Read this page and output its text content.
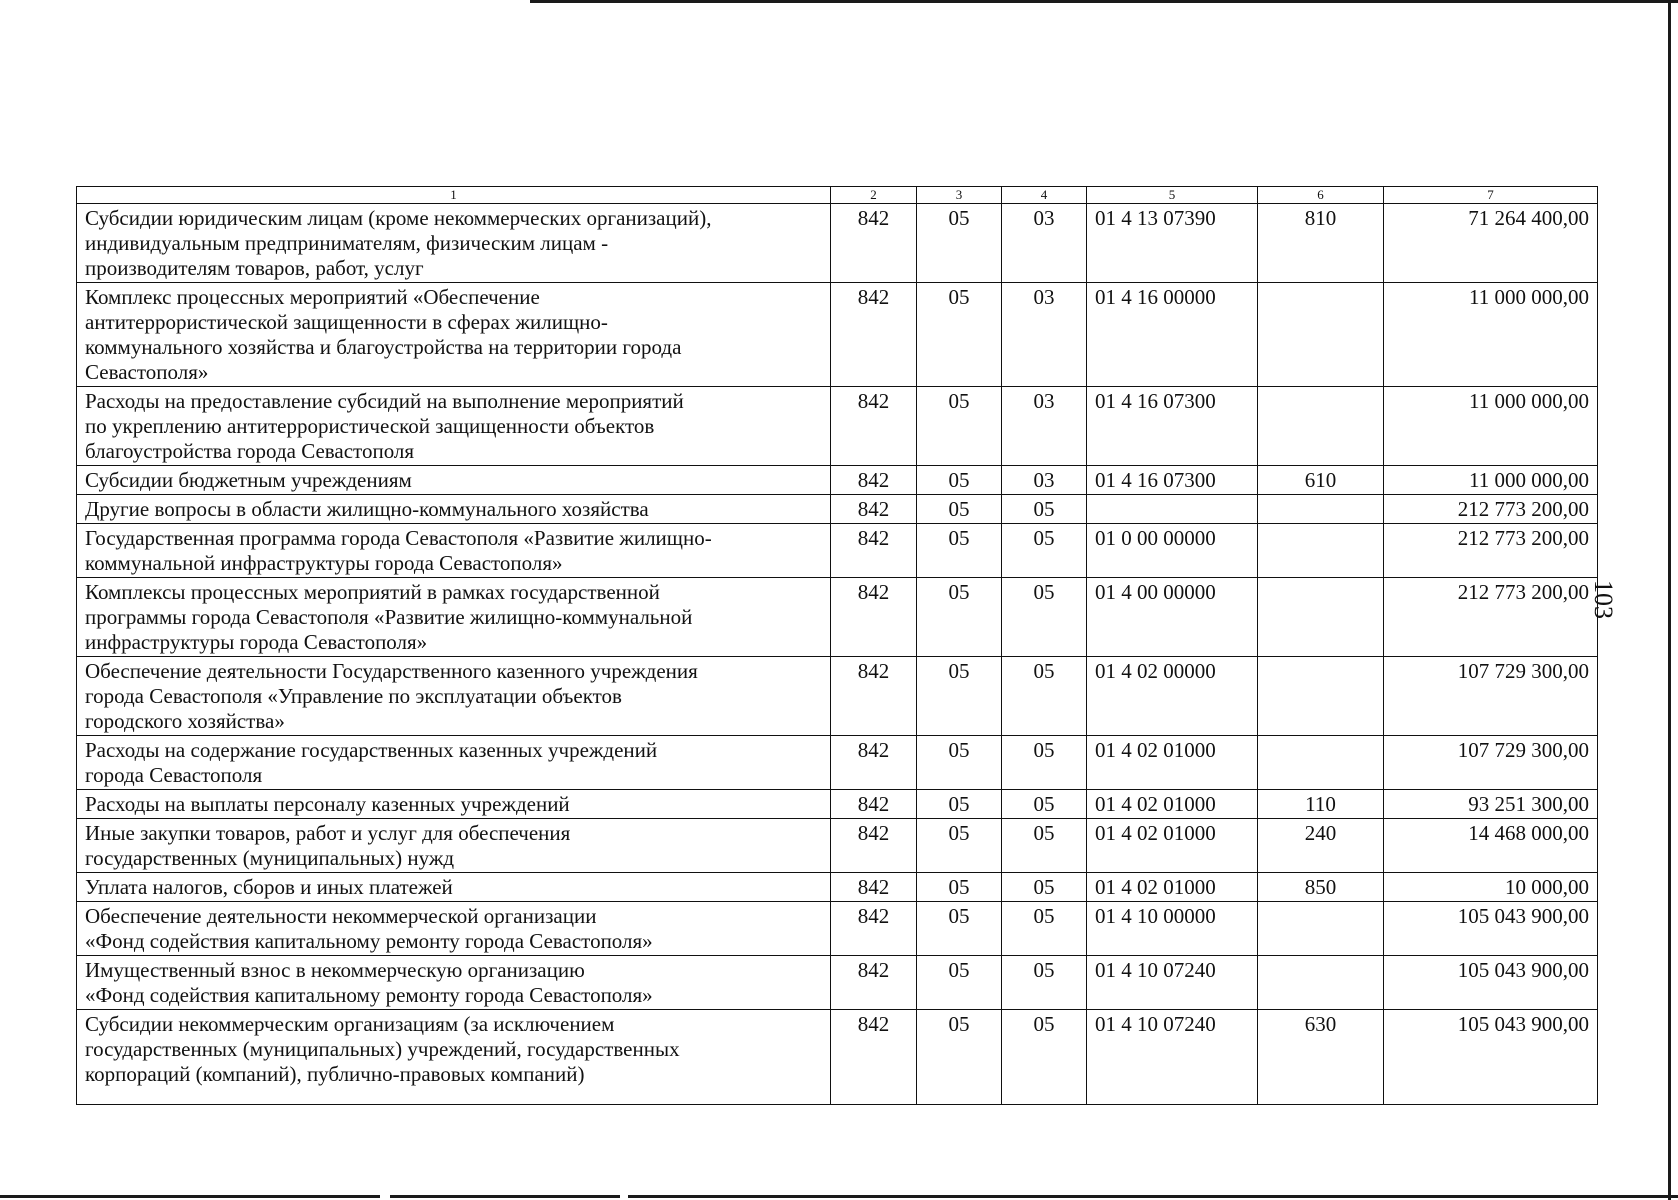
103
1	2	3	4	5	6	7

Субсидии юридическим лицам (кроме некоммерческих организаций),
индивидуальным предпринимателям, физическим лицам -
производителям товаров, работ, услуг	842	05	03	01 4 13 07390	810	71 264 400,00

Комплекс процессных мероприятий «Обеспечение
антитеррористической защищенности в сферах жилищно-
коммунального хозяйства и благоустройства на территории города
Севастополя»	842	05	03	01 4 16 00000		11 000 000,00

Расходы на предоставление субсидий на выполнение мероприятий
по укреплению антитеррористической защищенности объектов
благоустройства города Севастополя	842	05	03	01 4 16 07300		11 000 000,00

Субсидии бюджетным учреждениям	842	05	03	01 4 16 07300	610	11 000 000,00

Другие вопросы в области жилищно-коммунального хозяйства	842	05	05			212 773 200,00

Государственная программа города Севастополя «Развитие жилищно-
коммунальной инфраструктуры города Севастополя»	842	05	05	01 0 00 00000		212 773 200,00

Комплексы процессных мероприятий в рамках государственной
программы города Севастополя «Развитие жилищно-коммунальной
инфраструктуры города Севастополя»	842	05	05	01 4 00 00000		212 773 200,00

Обеспечение деятельности Государственного казенного учреждения
города Севастополя «Управление по эксплуатации объектов
городского хозяйства»	842	05	05	01 4 02 00000		107 729 300,00

Расходы на содержание государственных казенных учреждений
города Севастополя	842	05	05	01 4 02 01000		107 729 300,00

Расходы на выплаты персоналу казенных учреждений	842	05	05	01 4 02 01000	110	93 251 300,00

Иные закупки товаров, работ и услуг для обеспечения
государственных (муниципальных) нужд	842	05	05	01 4 02 01000	240	14 468 000,00

Уплата налогов, сборов и иных платежей	842	05	05	01 4 02 01000	850	10 000,00

Обеспечение деятельности некоммерческой организации
«Фонд содействия капитальному ремонту города Севастополя»	842	05	05	01 4 10 00000		105 043 900,00

Имущественный взнос в некоммерческую организацию
«Фонд содействия капитальному ремонту города Севастополя»	842	05	05	01 4 10 07240		105 043 900,00

Субсидии некоммерческим организациям (за исключением
государственных (муниципальных) учреждений, государственных
корпораций (компаний), публично-правовых компаний)	842	05	05	01 4 10 07240	630	105 043 900,00
